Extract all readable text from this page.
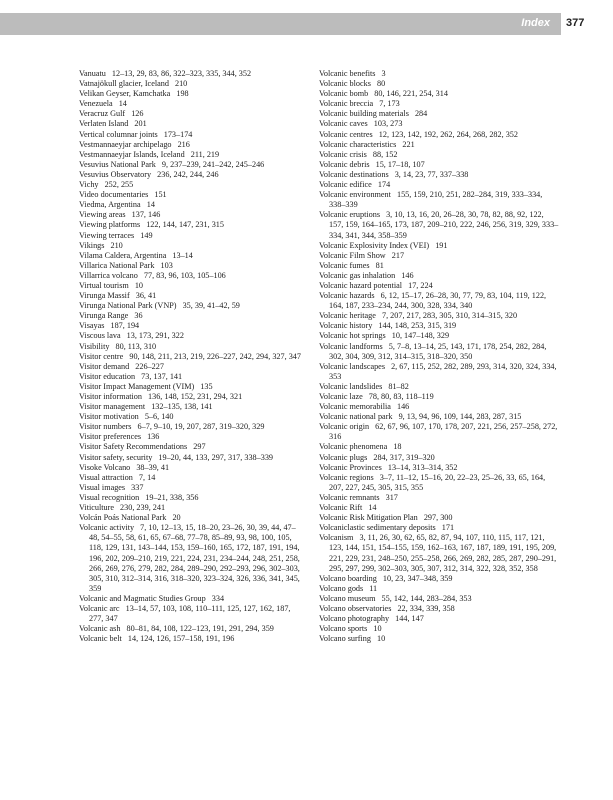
Index 377
Vanuatu 12–13, 29, 83, 86, 322–323, 335, 344, 352
Vatnajökull glacier, Iceland 210
Velikan Geyser, Kamchatka 198
Venezuela 14
Veracruz Gulf 126
Verlaten Island 201
Vertical columnar joints 173–174
Vestmannaeyjar archipelago 216
Vestmannaeyjar Islands, Iceland 211, 219
Vesuvius National Park 9, 237–239, 241–242, 245–246
Vesuvius Observatory 236, 242, 244, 246
Vichy 252, 255
Video documentaries 151
Viedma, Argentina 14
Viewing areas 137, 146
Viewing platforms 122, 144, 147, 231, 315
Viewing terraces 149
Vikings 210
Vilama Caldera, Argentina 13–14
Villarica National Park 103
Villarrica volcano 77, 83, 96, 103, 105–106
Virtual tourism 10
Virunga Massif 36, 41
Virunga National Park (VNP) 35, 39, 41–42, 59
Virunga Range 36
Visayas 187, 194
Viscous lava 13, 173, 291, 322
Visibility 80, 113, 310
Visitor centre 90, 148, 211, 213, 219, 226–227, 242, 294, 327, 347
Visitor demand 226–227
Visitor education 73, 137, 141
Visitor Impact Management (VIM) 135
Visitor information 136, 148, 152, 231, 294, 321
Visitor management 132–135, 138, 141
Visitor motivation 5–6, 140
Visitor numbers 6–7, 9–10, 19, 207, 287, 319–320, 329
Visitor preferences 136
Visitor Safety Recommendations 297
Visitor safety, security 19–20, 44, 133, 297, 317, 338–339
Visoke Volcano 38–39, 41
Visual attraction 7, 14
Visual images 337
Visual recognition 19–21, 338, 356
Viticulture 230, 239, 241
Volcán Poás National Park 20
Volcanic activity 7, 10, 12–13, 15, 18–20, 23–26, 30, 39, 44, 47–48, 54–55, 58, 61, 65, 67–68, 77–78, 85–89, 93, 98, 100, 105, 118, 129, 131, 143–144, 153, 159–160, 165, 172, 187, 191, 194, 196, 202, 209–210, 219, 221, 224, 231, 234–244, 248, 251, 258, 266, 269, 276, 279, 282, 284, 289–290, 292–293, 296, 302–303, 305, 310, 312–314, 316, 318–320, 323–324, 326, 336, 341, 345, 359
Volcanic and Magmatic Studies Group 334
Volcanic arc 13–14, 57, 103, 108, 110–111, 125, 127, 162, 187, 277, 347
Volcanic ash 80–81, 84, 108, 122–123, 191, 291, 294, 359
Volcanic belt 14, 124, 126, 157–158, 191, 196
Volcanic benefits 3
Volcanic blocks 80
Volcanic bomb 80, 146, 221, 254, 314
Volcanic breccia 7, 173
Volcanic building materials 284
Volcanic caves 103, 273
Volcanic centres 12, 123, 142, 192, 262, 264, 268, 282, 352
Volcanic characteristics 221
Volcanic crisis 88, 152
Volcanic debris 15, 17–18, 107
Volcanic destinations 3, 14, 23, 77, 337–338
Volcanic edifice 174
Volcanic environment 155, 159, 210, 251, 282–284, 319, 333–334, 338–339
Volcanic eruptions 3, 10, 13, 16, 20, 26–28, 30, 78, 82, 88, 92, 122, 157, 159, 164–165, 173, 187, 209–210, 222, 246, 256, 319, 329, 333–334, 341, 344, 358–359
Volcanic Explosivity Index (VEI) 191
Volcanic Film Show 217
Volcanic fumes 81
Volcanic gas inhalation 146
Volcanic hazard potential 17, 224
Volcanic hazards 6, 12, 15–17, 26–28, 30, 77, 79, 83, 104, 119, 122, 164, 187, 233–234, 244, 300, 328, 334, 340
Volcanic heritage 7, 207, 217, 283, 305, 310, 314–315, 320
Volcanic history 144, 148, 253, 315, 319
Volcanic hot springs 10, 147–148, 329
Volcanic landforms 5, 7–8, 13–14, 25, 143, 171, 178, 254, 282, 284, 302, 304, 309, 312, 314–315, 318–320, 350
Volcanic landscapes 2, 67, 115, 252, 282, 289, 293, 314, 320, 324, 334, 353
Volcanic landslides 81–82
Volcanic laze 78, 80, 83, 118–119
Volcanic memorabilia 146
Volcanic national park 9, 13, 94, 96, 109, 144, 283, 287, 315
Volcanic origin 62, 67, 96, 107, 170, 178, 207, 221, 256, 257–258, 272, 316
Volcanic phenomena 18
Volcanic plugs 284, 317, 319–320
Volcanic Provinces 13–14, 313–314, 352
Volcanic regions 3–7, 11–12, 15–16, 20, 22–23, 25–26, 33, 65, 164, 207, 227, 245, 305, 315, 355
Volcanic remnants 317
Volcanic Rift 14
Volcanic Risk Mitigation Plan 297, 300
Volcaniclastic sedimentary deposits 171
Volcanism 3, 11, 26, 30, 62, 65, 82, 87, 94, 107, 110, 115, 117, 121, 123, 144, 151, 154–155, 159, 162–163, 167, 187, 189, 191, 195, 209, 221, 229, 231, 248–250, 255–258, 266, 269, 282, 285, 287, 290–291, 295, 297, 299, 302–303, 305, 307, 312, 314, 322, 328, 352, 358
Volcano boarding 10, 23, 347–348, 359
Volcano gods 11
Volcano museum 55, 142, 144, 283–284, 353
Volcano observatories 22, 334, 339, 358
Volcano photography 144, 147
Volcano sports 10
Volcano surfing 10
